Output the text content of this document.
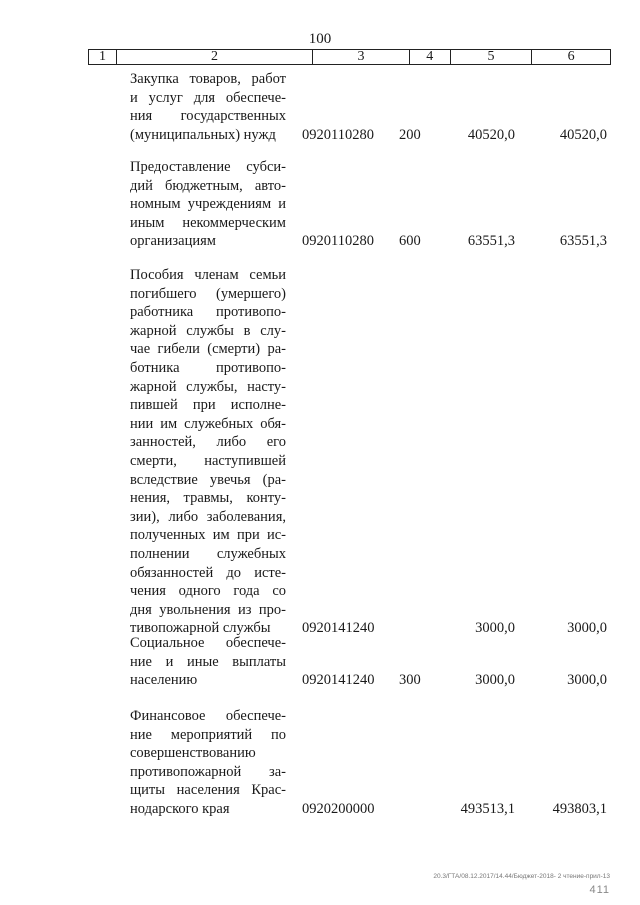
100
1	2	3	4	5	6
Закупка товаров, работ
и услуг для обеспече-
ния государственных
(муниципальных) нужд	0920110280 200	40520,0	40520,0
Предоставление субси-
дий бюджетным, авто-
номным учреждениям и
иным некоммерческим
организациям	0920110280 600	63551,3	63551,3
Пособия членам семьи
погибшего (умершего)
работника противопо-
жарной службы в слу-
чае гибели (смерти) ра-
ботника противопо-
жарной службы, насту-
пившей при исполне-
нии им служебных обя-
занностей, либо его
смерти, наступившей
вследствие увечья (ра-
нения, травмы, конту-
зии), либо заболевания,
полученных им при ис-
полнении служебных
обязанностей до исте-
чения одного года со
дня увольнения из про-
тивопожарной службы	0920141240	3000,0	3000,0
Социальное обеспече-
ние и иные выплаты
населению	0920141240 300	3000,0	3000,0
Финансовое обеспече-
ние мероприятий по
совершенствованию
противопожарной за-
щиты населения Крас-
нодарского края	0920200000	493513,1	493803,1
20.3/ГТА/08.12.2017/14.44/Бюджет-2018- 2 чтение-прил-13
411
